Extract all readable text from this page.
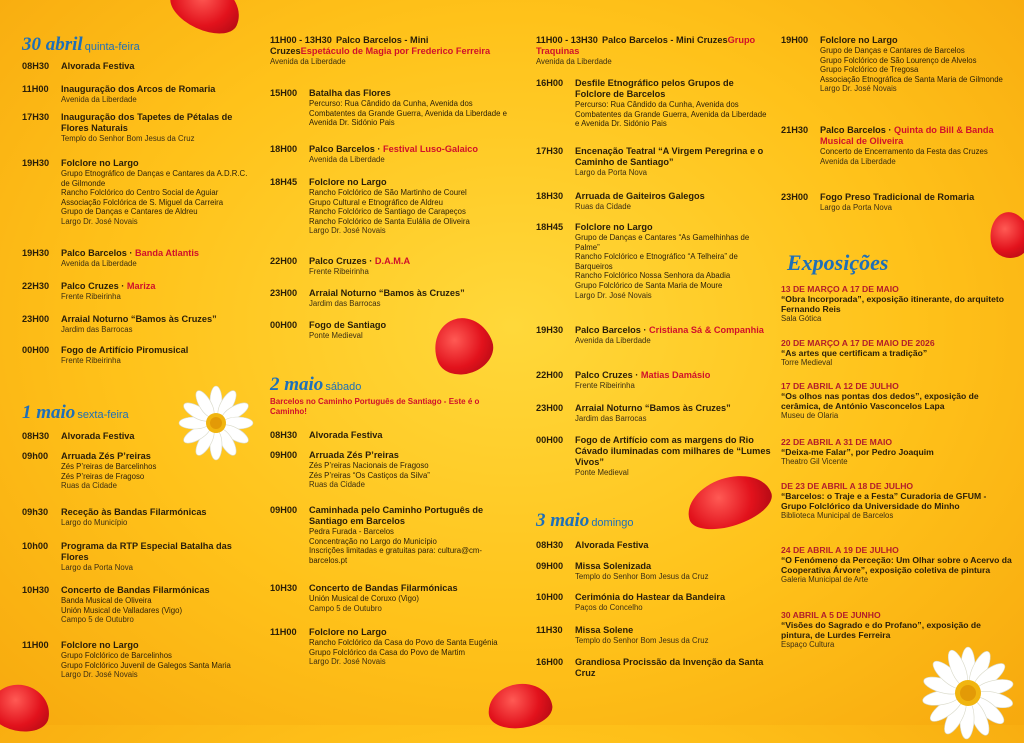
30 abril quinta-feira
08H30	Alvorada Festiva
11H00	Inauguração dos Arcos de Romaria
Avenida da Liberdade
17H30	Inauguração dos Tapetes de Pétalas de Flores Naturais
Templo do Senhor Bom Jesus da Cruz
19H30	Folclore no Largo
Grupo Etnográfico de Danças e Cantares da A.D.R.C. de Gilmonde
Rancho Folclórico do Centro Social de Aguiar
Associação Folclórica de S. Miguel da Carreira
Grupo de Danças e Cantares de Aldreu
Largo Dr. José Novais
19H30	Palco Barcelos · Banda Atlantis
Avenida da Liberdade
22H30	Palco Cruzes · Mariza
Frente Ribeirinha
23H00	Arraial Noturno “Bamos às Cruzes”
Jardim das Barrocas
00H00	Fogo de Artifício Piromusical
Frente Ribeirinha
1 maio sexta-feira
08H30	Alvorada Festiva
09h00	Arruada Zés P’reiras
Zés P’reiras de Barcelinhos
Zés P’reiras de Fragoso
Ruas da Cidade
09h30	Receção às Bandas Filarmónicas
Largo do Município
10h00	Programa da RTP Especial Batalha das Flores
Largo da Porta Nova
10H30	Concerto de Bandas Filarmónicas
Banda Musical de Oliveira
Unión Musical de Valladares (Vigo)
Campo 5 de Outubro
11H00	Folclore no Largo
Grupo Folclórico de Barcelinhos
Grupo Folclórico Juvenil de Galegos Santa Maria
Largo Dr. José Novais
11H00 - 13H30 Palco Barcelos - Mini CruzesEspetáculo de Magia por Frederico Ferreira
Avenida da Liberdade
15H00	Batalha das Flores
Percurso: Rua Cândido da Cunha, Avenida dos Combatentes da Grande Guerra, Avenida da Liberdade e Avenida Dr. Sidónio Pais
18H00	Palco Barcelos · Festival Luso-Galaico
Avenida da Liberdade
18H45	Folclore no Largo
Rancho Folclórico de São Martinho de Courel
Grupo Cultural e Etnográfico de Aldreu
Rancho Folclórico de Santiago de Carapeços
Rancho Folclórico de Santa Eulália de Oliveira
Largo Dr. José Novais
22H00	Palco Cruzes · D.A.M.A
Frente Ribeirinha
23H00	Arraial Noturno “Bamos às Cruzes”
Jardim das Barrocas
00H00	Fogo de Santiago
Ponte Medieval
2 maio sábado
Barcelos no Caminho Português de Santiago - Este é o Caminho!
08H30	Alvorada Festiva
09H00	Arruada Zés P’reiras
Zés P’reiras Nacionais de Fragoso
Zés P’reiras “Os Castiços da Silva”
Ruas da Cidade
09H00	Caminhada pelo Caminho Português de Santiago em Barcelos
Pedra Furada - Barcelos
Concentração no Largo do Município
Inscrições limitadas e gratuitas para: cultura@cm-barcelos.pt
10H30	Concerto de Bandas Filarmónicas
Unión Musical de Coruxo (Vigo)
Campo 5 de Outubro
11H00	Folclore no Largo
Rancho Folclórico da Casa do Povo de Santa Eugénia
Grupo Folclórico da Casa do Povo de Martim
Largo Dr. José Novais
11H00 - 13H30 Palco Barcelos - Mini CruzesGrupo Traquinas
Avenida da Liberdade
16H00	Desfile Etnográfico pelos Grupos de Folclore de Barcelos
Percurso: Rua Cândido da Cunha, Avenida dos Combatentes da Grande Guerra, Avenida da Liberdade e Avenida Dr. Sidónio Pais
17H30	Encenação Teatral “A Virgem Peregrina e o Caminho de Santiago”
Largo da Porta Nova
18H30	Arruada de Gaiteiros Galegos
Ruas da Cidade
18H45	Folclore no Largo
Grupo de Danças e Cantares “As Gamelhinhas de Palme”
Rancho Folclórico e Etnográfico “A Telheira” de Barqueiros
Rancho Folclórico Nossa Senhora da Abadia
Grupo Folclórico de Santa Maria de Moure
Largo Dr. José Novais
19H30	Palco Barcelos · Cristiana Sá & Companhia
Avenida da Liberdade
22H00	Palco Cruzes · Matias Damásio
Frente Ribeirinha
23H00	Arraial Noturno “Bamos às Cruzes”
Jardim das Barrocas
00H00	Fogo de Artifício com as margens do Rio Cávado iluminadas com milhares de “Lumes Vivos”
Ponte Medieval
3 maio domingo
08H30	Alvorada Festiva
09H00	Missa Solenizada
Templo do Senhor Bom Jesus da Cruz
10H00	Cerimónia do Hastear da Bandeira
Paços do Concelho
11H30	Missa Solene
Templo do Senhor Bom Jesus da Cruz
16H00	Grandiosa Procissão da Invenção da Santa Cruz
19H00	Folclore no Largo
Grupo de Danças e Cantares de Barcelos
Grupo Folclórico de São Lourenço de Alvelos
Grupo Folclórico de Tregosa
Associação Etnográfica de Santa Maria de Gilmonde
Largo Dr. José Novais
21H30	Palco Barcelos · Quinta do Bill & Banda Musical de Oliveira
Concerto de Encerramento da Festa das Cruzes
Avenida da Liberdade
23H00	Fogo Preso Tradicional de Romaria
Largo da Porta Nova
Exposições
13 DE MARÇO A 17 DE MAIO
“Obra Incorporada”, exposição itinerante, do arquiteto Fernando Reis
Sala Gótica
20 DE MARÇO A 17 DE MAIO DE 2026
“As artes que certificam a tradição”
Torre Medieval
17 DE ABRIL A 12 DE JULHO
“Os olhos nas pontas dos dedos”, exposição de cerâmica, de António Vasconcelos Lapa
Museu de Olaria
22 DE ABRIL A 31 DE MAIO
“Deixa-me Falar”, por Pedro Joaquim
Theatro Gil Vicente
DE 23 DE ABRIL A 18 DE JULHO
“Barcelos: o Traje e a Festa” Curadoria de GFUM - Grupo Folclórico da Universidade do Minho
Biblioteca Municipal de Barcelos
24 DE ABRIL A 19 DE JULHO
“O Fenómeno da Perceção: Um Olhar sobre o Acervo da Cooperativa Árvore”, exposição coletiva de pintura
Galeria Municipal de Arte
30 ABRIL A 5 DE JUNHO
“Visões do Sagrado e do Profano”, exposição de pintura, de Lurdes Ferreira
Espaço Cultura
